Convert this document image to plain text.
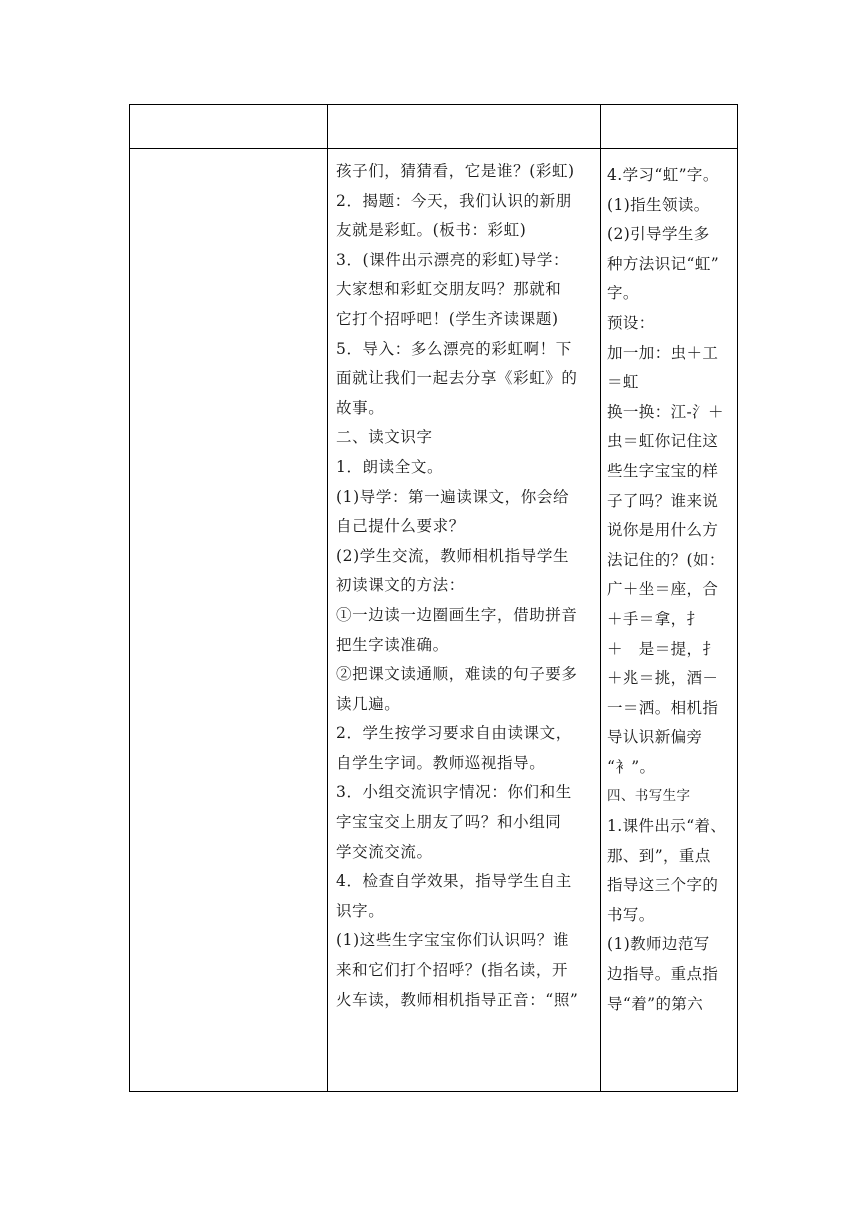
孩子们，猜猜看，它是谁？(彩虹)

2．揭题：今天，我们认识的新朋

友就是彩虹。(板书：彩虹)

3．(课件出示漂亮的彩虹)导学：

大家想和彩虹交朋友吗？那就和

它打个招呼吧！(学生齐读课题)

5．导入：多么漂亮的彩虹啊！下

面就让我们一起去分享《彩虹》的

故事。

二、读文识字

1．朗读全文。

(1)导学：第一遍读课文，你会给

自己提什么要求？

(2)学生交流，教师相机指导学生

初读课文的方法：

①一边读一边圈画生字，借助拼音

把生字读准确。

②把课文读通顺，难读的句子要多

读几遍。

2．学生按学习要求自由读课文，

自学生字词。教师巡视指导。

3．小组交流识字情况：你们和生

字宝宝交上朋友了吗？和小组同

学交流交流。

4．检查自学效果，指导学生自主

识字。

(1)这些生字宝宝你们认识吗？谁

来和它们打个招呼？(指名读，开

火车读，教师相机指导正音：“照”

4.学习“虹”字。

(1)指生领读。

(2)引导学生多

种方法识记“虹”

字。

预设：

加一加：虫＋工

＝虹

换一换：江-氵＋

虫＝虹你记住这

些生字宝宝的样

子了吗？谁来说

说你是用什么方

法记住的？(如：

广＋坐＝座，合

＋手＝拿，扌

＋　是＝提，扌

＋兆＝挑，酒－

一＝洒。相机指

导认识新偏旁

“衤”。

四、书写生字

1.课件出示“着、

那、到”，重点

指导这三个字的

书写。

(1)教师边范写

边指导。重点指

导“着”的第六
